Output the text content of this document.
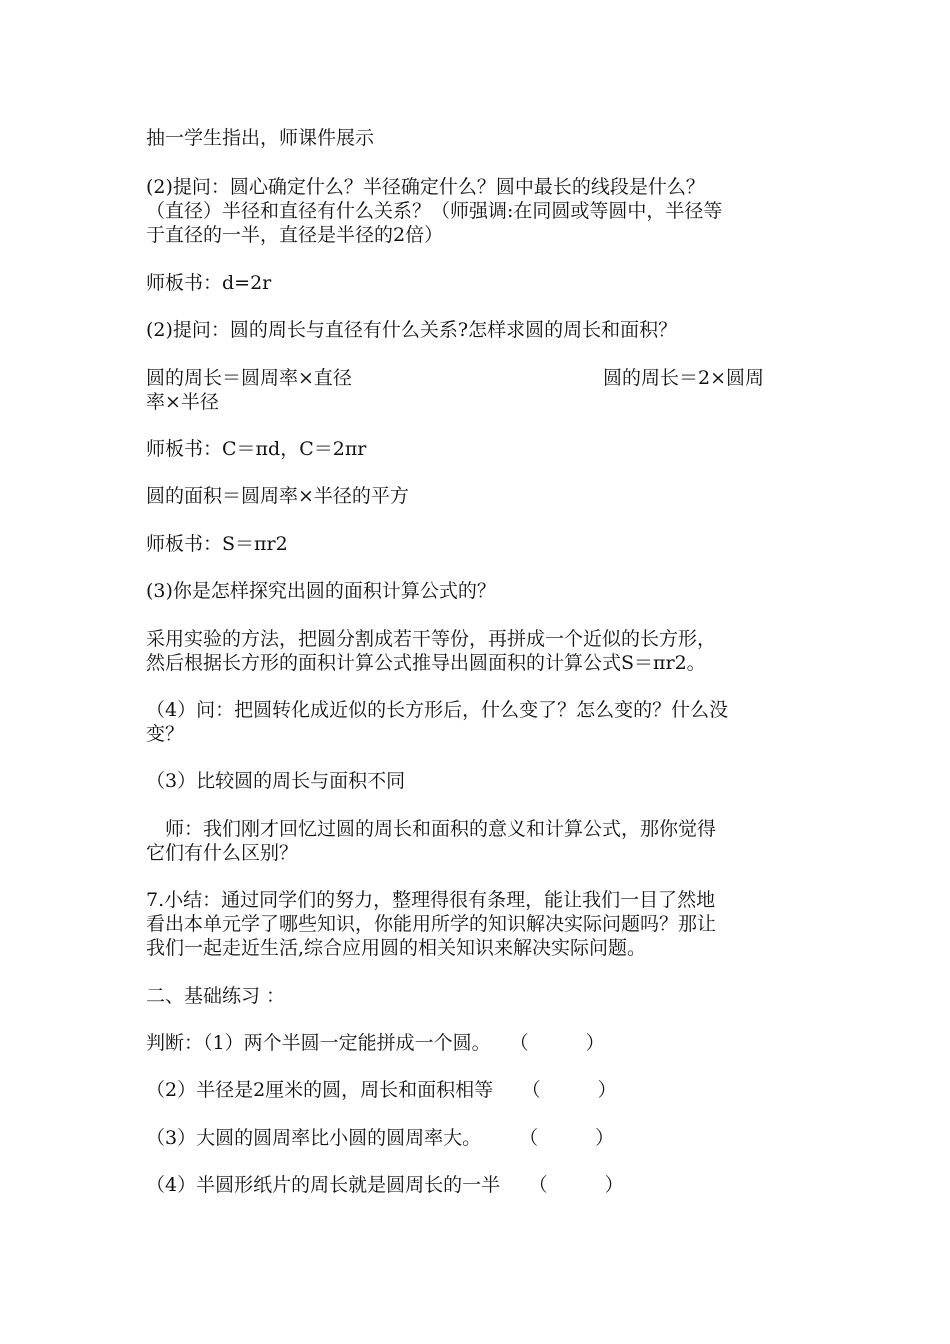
抽一学生指出，师课件展示
(2)提问：圆心确定什么？半径确定什么？圆中最长的线段是什么？
（直径）半径和直径有什么关系？（师强调:在同圆或等圆中，半径等
于直径的一半，直径是半径的2倍）
师板书：d=2r
(2)提问：圆的周长与直径有什么关系?怎样求圆的周长和面积？
圆的周长＝圆周率×直径	圆的周长＝2×圆周
率×半径
师板书：C＝πd，C＝2πr
圆的面积＝圆周率×半径的平方
师板书：S＝πr2
(3)你是怎样探究出圆的面积计算公式的？
采用实验的方法，把圆分割成若干等份，再拼成一个近似的长方形，
然后根据长方形的面积计算公式推导出圆面积的计算公式S＝πr2。
（4）问：把圆转化成近似的长方形后，什么变了？怎么变的？什么没
变？
（3）比较圆的周长与面积不同
　师：我们刚才回忆过圆的周长和面积的意义和计算公式，那你觉得
它们有什么区别？
7.小结：通过同学们的努力，整理得很有条理，能让我们一目了然地
看出本单元学了哪些知识，你能用所学的知识解决实际问题吗？那让
我们一起走近生活,综合应用圆的相关知识来解决实际问题。
二、基础练习 ：
判断：（1）两个半圆一定能拼成一个圆。　　（　　　）
（2）半径是2厘米的圆，周长和面积相等　　（　　　）
（3）大圆的圆周率比小圆的圆周率大。　　　（　　　）
（4）半圆形纸片的周长就是圆周长的一半　　（　　　）
